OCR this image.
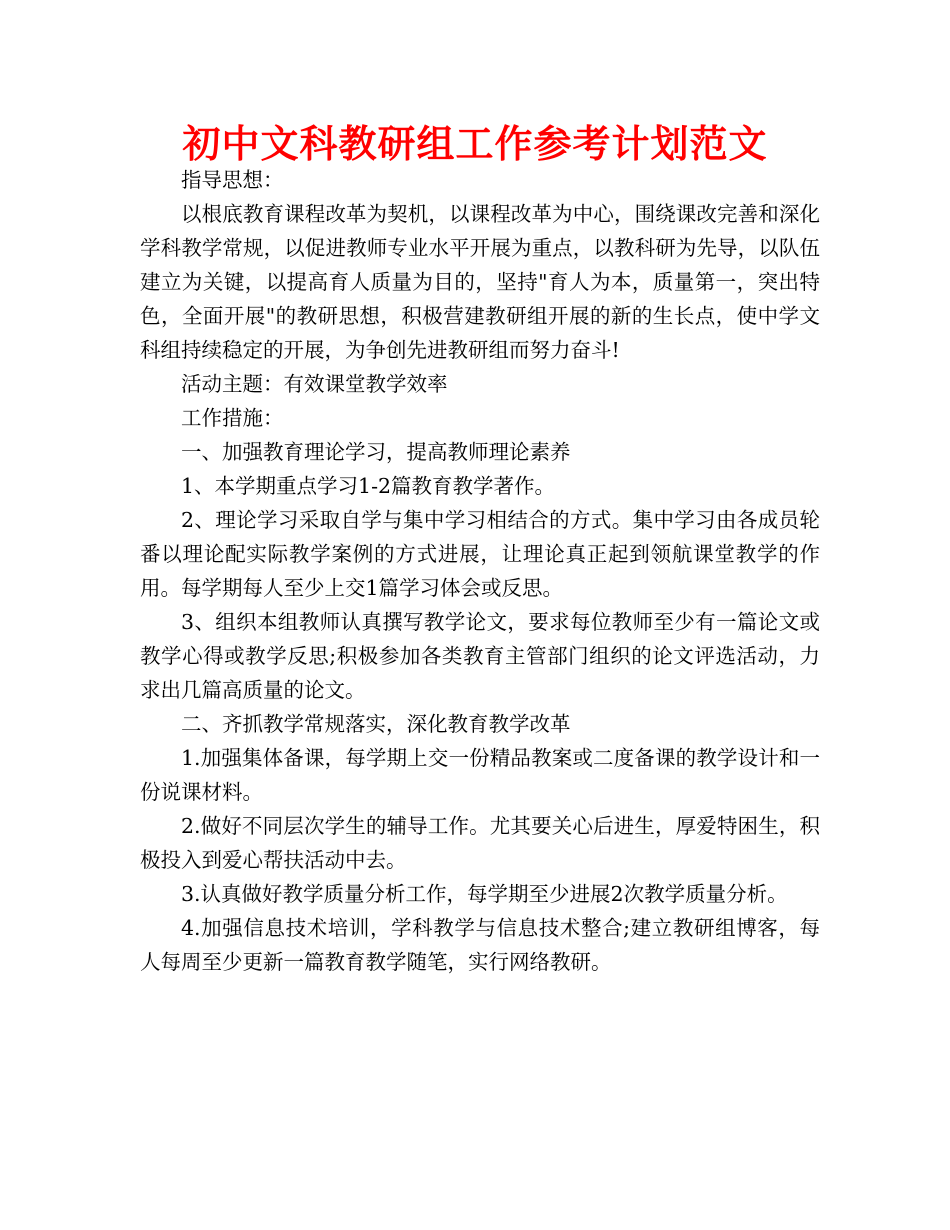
初中文科教研组工作参考计划范文

指导思想：

以根底教育课程改革为契机，以课程改革为中心，围绕课改完善和深化学科教学常规，以促进教师专业水平开展为重点，以教科研为先导，以队伍建立为关键，以提高育人质量为目的，坚持"育人为本，质量第一，突出特色，全面开展"的教研思想，积极营建教研组开展的新的生长点，使中学文科组持续稳定的开展，为争创先进教研组而努力奋斗!

活动主题：有效课堂教学效率

工作措施：

一、加强教育理论学习，提高教师理论素养

1、本学期重点学习1-2篇教育教学著作。

2、理论学习采取自学与集中学习相结合的方式。集中学习由各成员轮番以理论配实际教学案例的方式进展，让理论真正起到领航课堂教学的作用。每学期每人至少上交1篇学习体会或反思。

3、组织本组教师认真撰写教学论文，要求每位教师至少有一篇论文或教学心得或教学反思;积极参加各类教育主管部门组织的论文评选活动，力求出几篇高质量的论文。

二、齐抓教学常规落实，深化教育教学改革

1.加强集体备课，每学期上交一份精品教案或二度备课的教学设计和一份说课材料。

2.做好不同层次学生的辅导工作。尤其要关心后进生，厚爱特困生，积极投入到爱心帮扶活动中去。

3.认真做好教学质量分析工作，每学期至少进展2次教学质量分析。

4.加强信息技术培训，学科教学与信息技术整合;建立教研组博客，每人每周至少更新一篇教育教学随笔，实行网络教研。
